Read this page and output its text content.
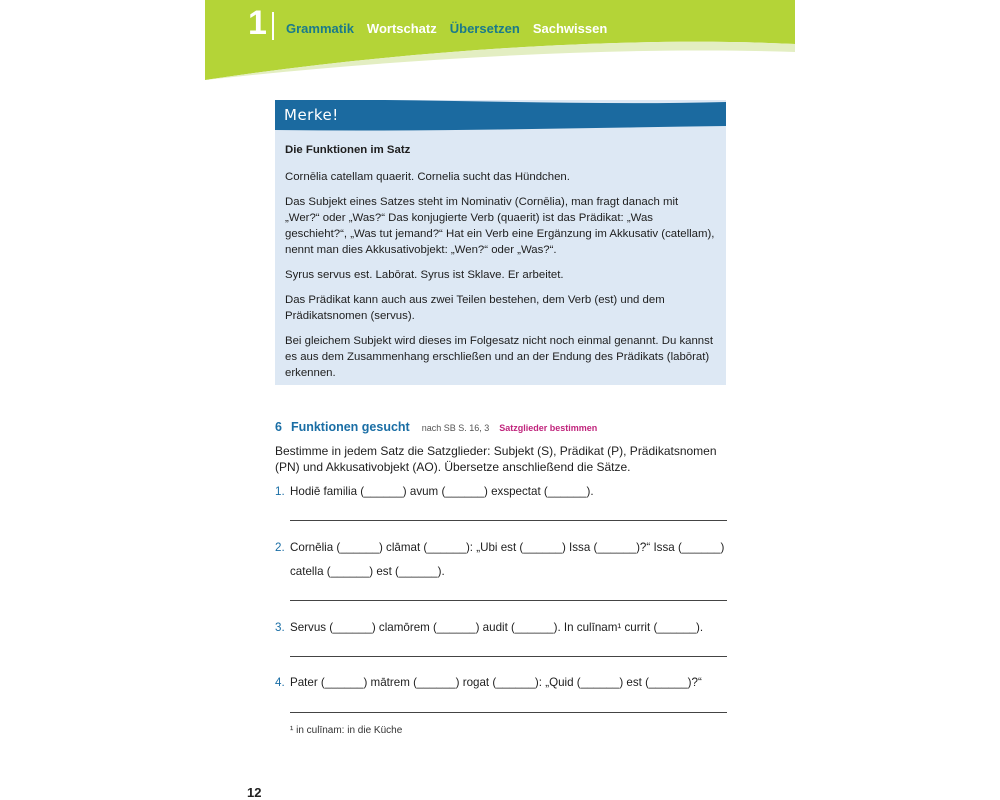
1 Grammatik Wortschatz Übersetzen Sachwissen
Merke!

Die Funktionen im Satz

Cornēlia catellam quaerit. Cornelia sucht das Hündchen.

Das Subjekt eines Satzes steht im Nominativ (Cornēlia), man fragt danach mit „Wer?“ oder „Was?“ Das konjugierte Verb (quaerit) ist das Prädikat: „Was geschieht?“, „Was tut jemand?“ Hat ein Verb eine Ergänzung im Akkusativ (catellam), nennt man dies Akkusativobjekt: „Wen?“ oder „Was?“.

Syrus servus est. Labōrat. Syrus ist Sklave. Er arbeitet.

Das Prädikat kann auch aus zwei Teilen bestehen, dem Verb (est) und dem Prädikatsnomen (servus).

Bei gleichem Subjekt wird dieses im Folgesatz nicht noch einmal genannt. Du kannst es aus dem Zusammenhang erschließen und an der Endung des Prädikats (labōrat) erkennen.

6 Funktionen gesucht nach SB S. 16, 3 Satzglieder bestimmen
Bestimme in jedem Satz die Satzglieder: Subjekt (S), Prädikat (P), Prädikatsnomen (PN) und Akkusativobjekt (AO). Übersetze anschließend die Sätze.
1. Hodiē familia (______) avum (______) exspectat (______).
2. Cornēlia (______) clāmat (______): „Ubi est (______) Issa (______)?“ Issa (______)
catella (______) est (______).
3. Servus (______) clamōrem (______) audit (______). In culīnam¹ currit (______).
4. Pater (______) mātrem (______) rogat (______): „Quid (______) est (______)?“
¹ in culīnam: in die Küche
12
